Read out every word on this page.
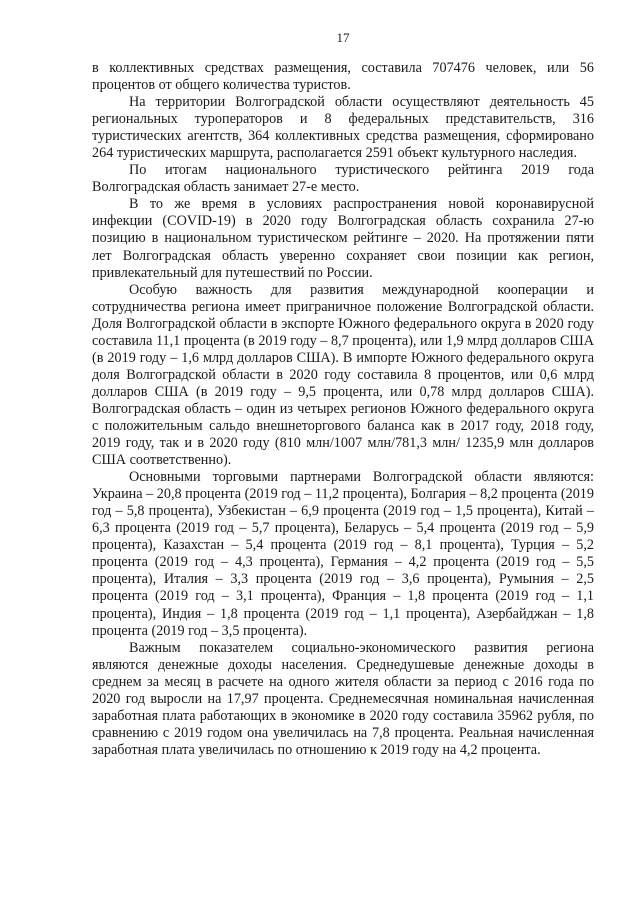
17

в коллективных средствах размещения, составила 707476 человек, или 56 процентов от общего количества туристов.

На территории Волгоградской области осуществляют деятельность 45 региональных туроператоров и 8 федеральных представительств, 316 туристических агентств, 364 коллективных средства размещения, сформировано 264 туристических маршрута, располагается 2591 объект культурного наследия.

По итогам национального туристического рейтинга 2019 года Волгоградская область занимает 27-е место.

В то же время в условиях распространения новой коронавирусной инфекции (COVID-19) в 2020 году Волгоградская область сохранила 27-ю позицию в национальном туристическом рейтинге – 2020. На протяжении пяти лет Волгоградская область уверенно сохраняет свои позиции как регион, привлекательный для путешествий по России.

Особую важность для развития международной кооперации и сотрудничества региона имеет приграничное положение Волгоградской области. Доля Волгоградской области в экспорте Южного федерального округа в 2020 году составила 11,1 процента (в 2019 году – 8,7 процента), или 1,9 млрд долларов США (в 2019 году – 1,6 млрд долларов США). В импорте Южного федерального округа доля Волгоградской области в 2020 году составила 8 процентов, или 0,6 млрд долларов США (в 2019 году – 9,5 процента, или 0,78 млрд долларов США). Волгоградская область – один из четырех регионов Южного федерального округа с положительным сальдо внешнеторгового баланса как в 2017 году, 2018 году, 2019 году, так и в 2020 году (810 млн/1007 млн/781,3 млн/ 1235,9 млн долларов США соответственно).

Основными торговыми партнерами Волгоградской области являются: Украина – 20,8 процента (2019 год – 11,2 процента), Болгария – 8,2 процента (2019 год – 5,8 процента), Узбекистан – 6,9 процента (2019 год – 1,5 процента), Китай – 6,3 процента (2019 год – 5,7 процента), Беларусь – 5,4 процента (2019 год – 5,9 процента), Казахстан – 5,4 процента (2019 год – 8,1 процента), Турция – 5,2 процента (2019 год – 4,3 процента), Германия – 4,2 процента (2019 год – 5,5 процента), Италия – 3,3 процента (2019 год – 3,6 процента), Румыния – 2,5 процента (2019 год – 3,1 процента), Франция – 1,8 процента (2019 год – 1,1 процента), Индия – 1,8 процента (2019 год – 1,1 процента), Азербайджан – 1,8 процента (2019 год – 3,5 процента).

Важным показателем социально-экономического развития региона являются денежные доходы населения. Среднедушевые денежные доходы в среднем за месяц в расчете на одного жителя области за период с 2016 года по 2020 год выросли на 17,97 процента. Среднемесячная номинальная начисленная заработная плата работающих в экономике в 2020 году составила 35962 рубля, по сравнению с 2019 годом она увеличилась на 7,8 процента. Реальная начисленная заработная плата увеличилась по отношению к 2019 году на 4,2 процента.
